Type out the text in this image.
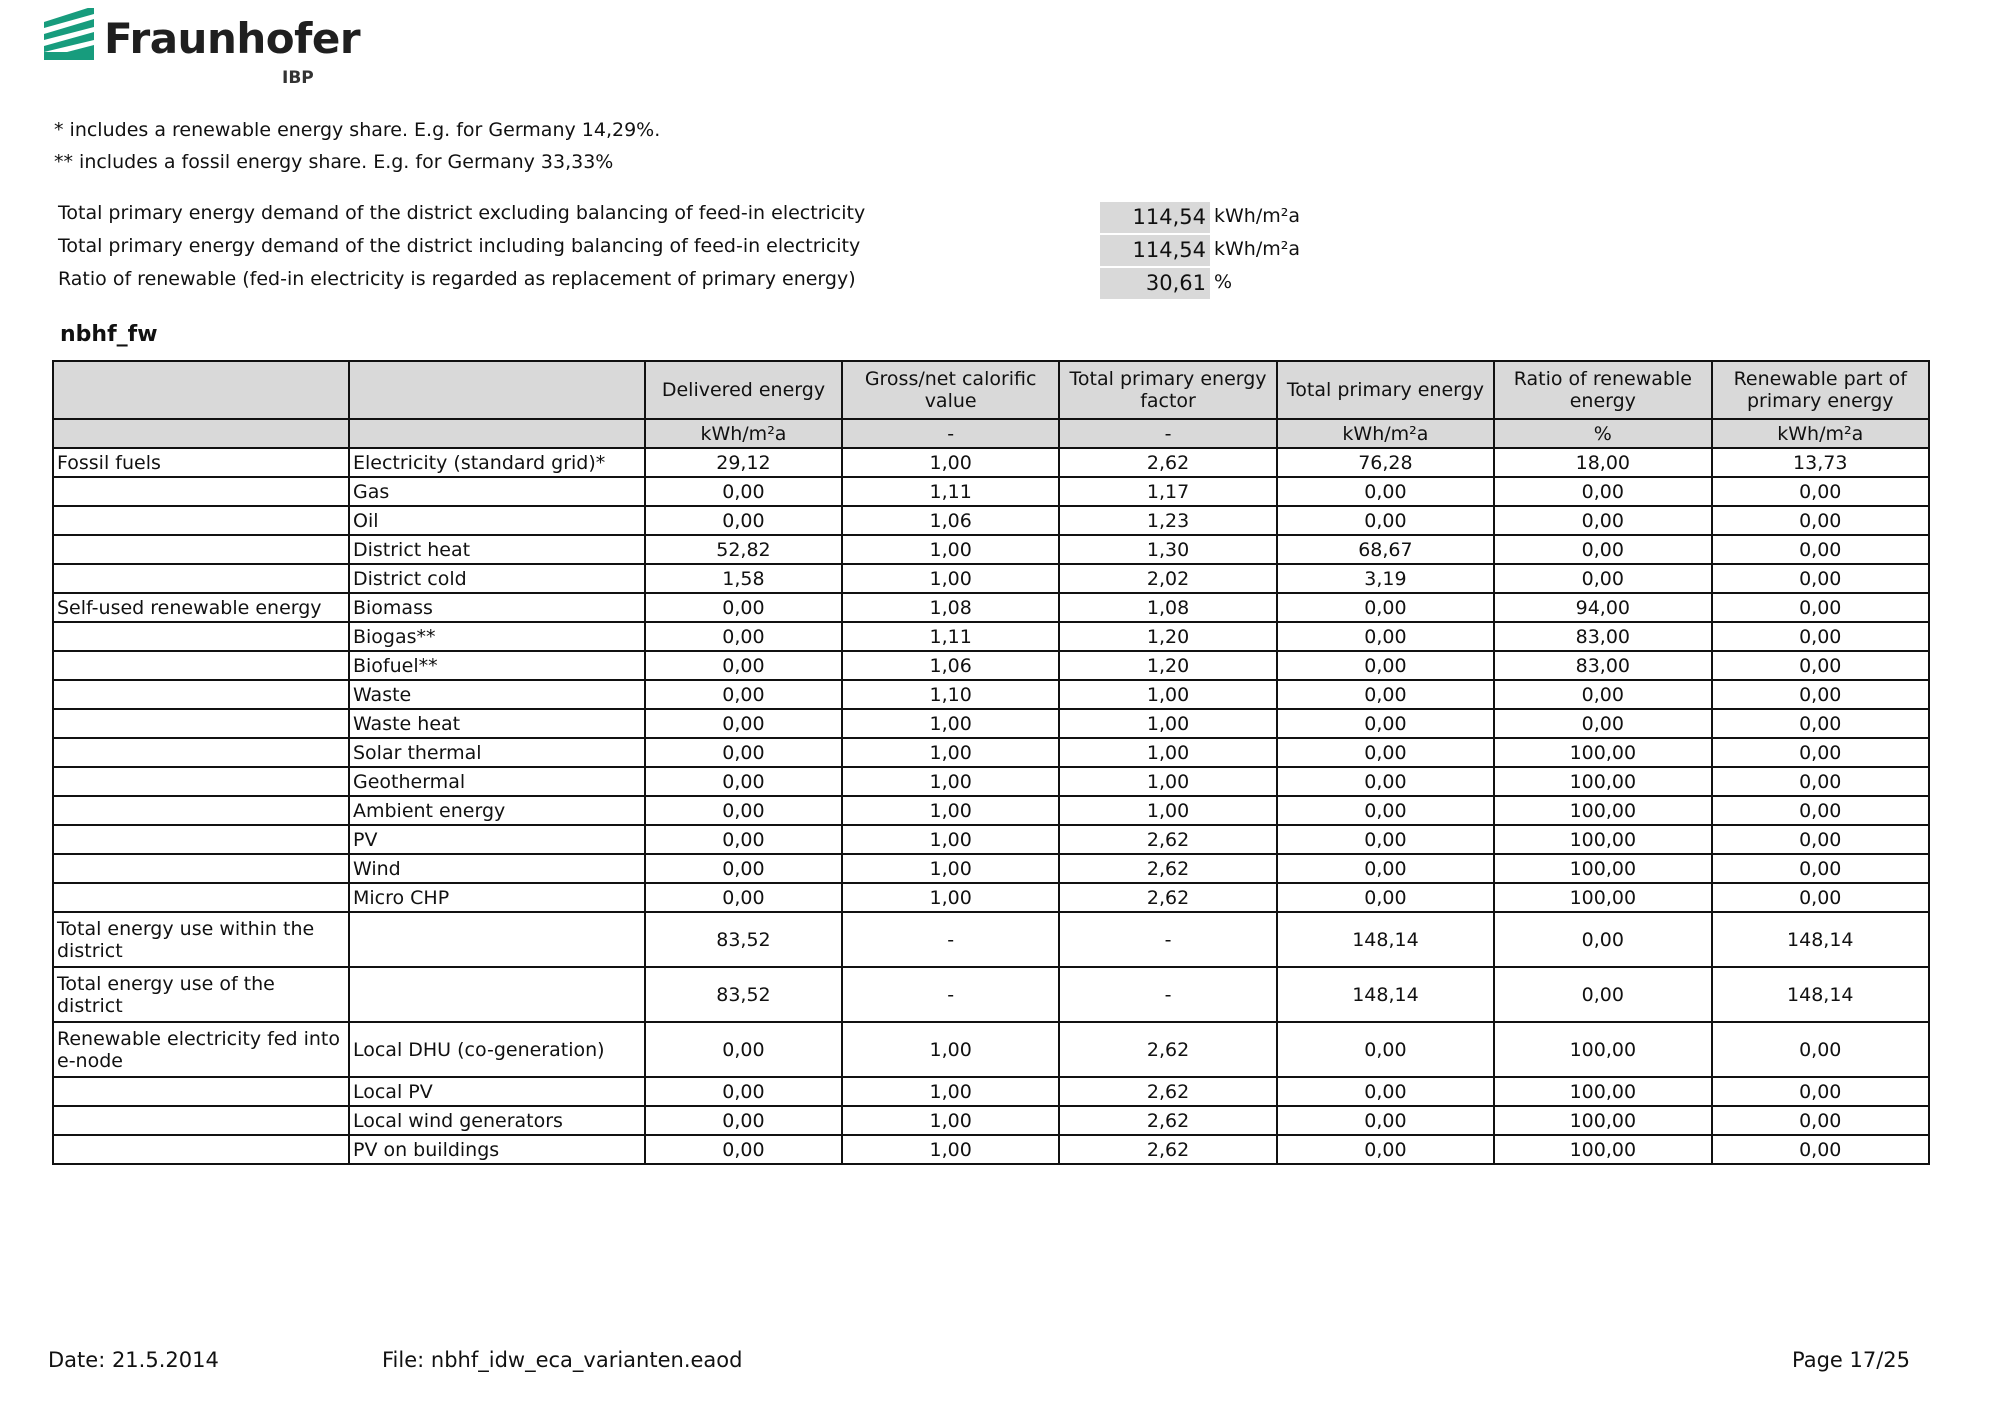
Fraunhofer
IBP
* includes a renewable energy share. E.g. for Germany 14,29%.
** includes a fossil energy share. E.g. for Germany 33,33%
Total primary energy demand of the district excluding balancing of feed-in electricity	114,54 kWh/m²a
Total primary energy demand of the district including balancing of feed-in electricity	114,54 kWh/m²a
Ratio of renewable (fed-in electricity is regarded as replacement of primary energy)	30,61 %
nbhf_fw
		Delivered energy	Gross/net calorific value	Total primary energy factor	Total primary energy	Ratio of renewable energy	Renewable part of primary energy
		kWh/m²a	-	-	kWh/m²a	%	kWh/m²a
Fossil fuels	Electricity (standard grid)*	29,12	1,00	2,62	76,28	18,00	13,73
	Gas	0,00	1,11	1,17	0,00	0,00	0,00
	Oil	0,00	1,06	1,23	0,00	0,00	0,00
	District heat	52,82	1,00	1,30	68,67	0,00	0,00
	District cold	1,58	1,00	2,02	3,19	0,00	0,00
Self-used renewable energy	Biomass	0,00	1,08	1,08	0,00	94,00	0,00
	Biogas**	0,00	1,11	1,20	0,00	83,00	0,00
	Biofuel**	0,00	1,06	1,20	0,00	83,00	0,00
	Waste	0,00	1,10	1,00	0,00	0,00	0,00
	Waste heat	0,00	1,00	1,00	0,00	0,00	0,00
	Solar thermal	0,00	1,00	1,00	0,00	100,00	0,00
	Geothermal	0,00	1,00	1,00	0,00	100,00	0,00
	Ambient energy	0,00	1,00	1,00	0,00	100,00	0,00
	PV	0,00	1,00	2,62	0,00	100,00	0,00
	Wind	0,00	1,00	2,62	0,00	100,00	0,00
	Micro CHP	0,00	1,00	2,62	0,00	100,00	0,00
Total energy use within the district		83,52	-	-	148,14	0,00	148,14
Total energy use of the district		83,52	-	-	148,14	0,00	148,14
Renewable electricity fed into e-node	Local DHU (co-generation)	0,00	1,00	2,62	0,00	100,00	0,00
	Local PV	0,00	1,00	2,62	0,00	100,00	0,00
	Local wind generators	0,00	1,00	2,62	0,00	100,00	0,00
	PV on buildings	0,00	1,00	2,62	0,00	100,00	0,00
Date: 21.5.2014	File: nbhf_idw_eca_varianten.eaod	Page 17/25
